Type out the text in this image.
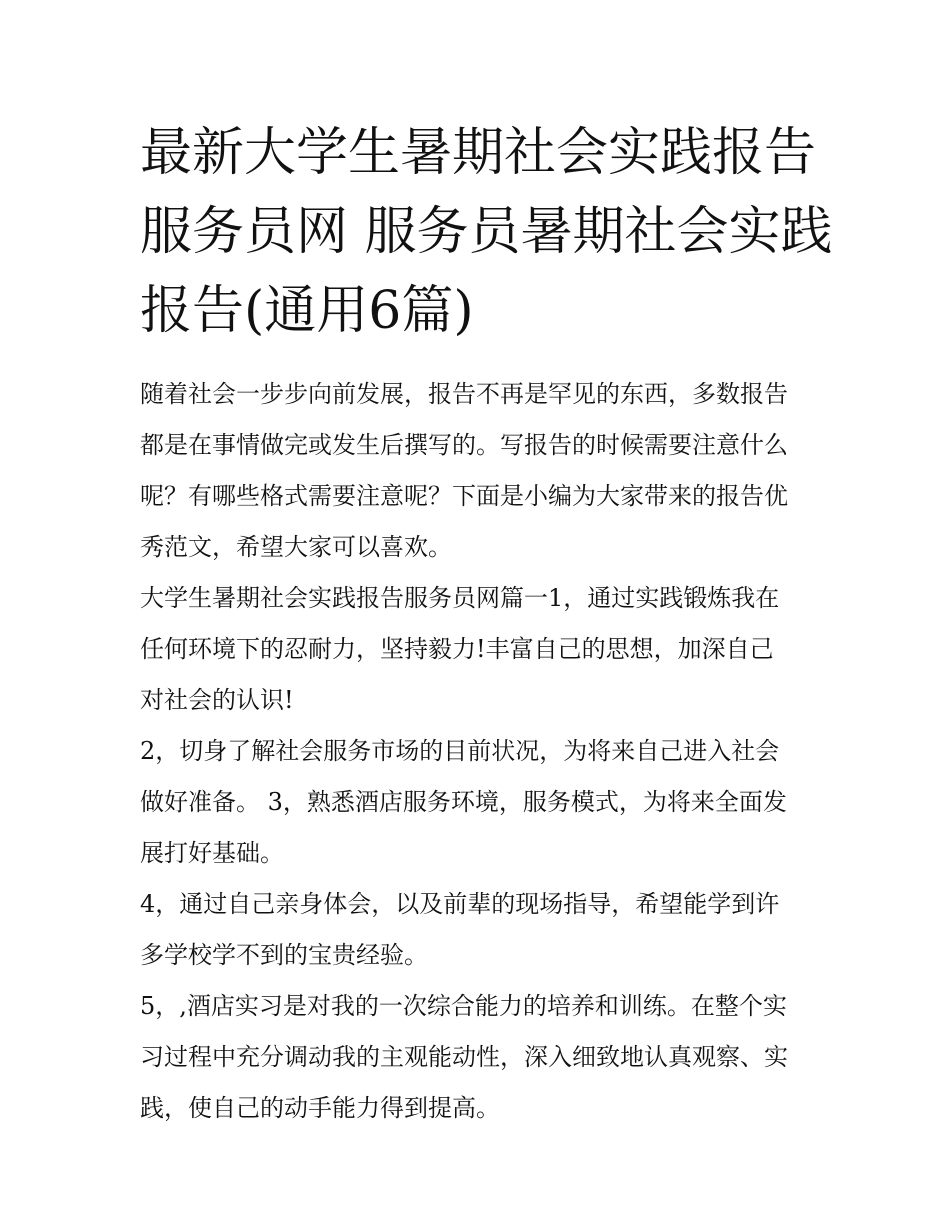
最新大学生暑期社会实践报告
服务员网 服务员暑期社会实践
报告(通用6篇)

随着社会一步步向前发展，报告不再是罕见的东西，多数报告
都是在事情做完或发生后撰写的。写报告的时候需要注意什么
呢？有哪些格式需要注意呢？下面是小编为大家带来的报告优
秀范文，希望大家可以喜欢。

大学生暑期社会实践报告服务员网篇一1，通过实践锻炼我在
任何环境下的忍耐力，坚持毅力!丰富自己的思想，加深自己
对社会的认识!

2，切身了解社会服务市场的目前状况，为将来自己进入社会
做好准备。 3，熟悉酒店服务环境，服务模式，为将来全面发
展打好基础。

4，通过自己亲身体会，以及前辈的现场指导，希望能学到许
多学校学不到的宝贵经验。

5，,酒店实习是对我的一次综合能力的培养和训练。在整个实
习过程中充分调动我的主观能动性，深入细致地认真观察、实
践，使自己的动手能力得到提高。
